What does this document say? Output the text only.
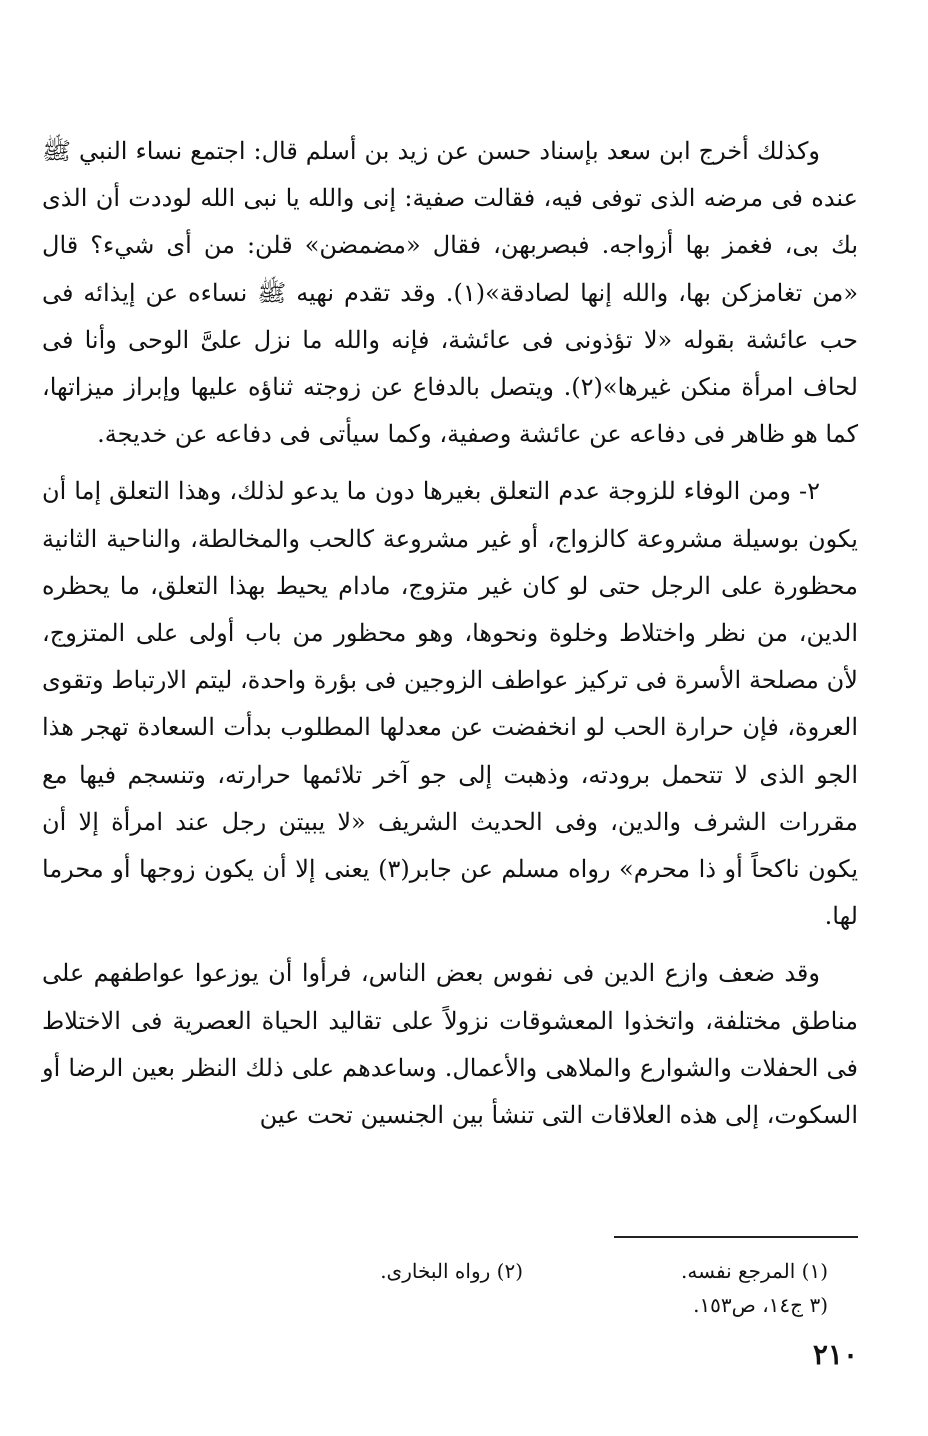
وكذلك أخرج ابن سعد بإسناد حسن عن زيد بن أسلم قال: اجتمع نساء النبي ﷺ عنده فى مرضه الذى توفى فيه، فقالت صفية: إنى والله يا نبى الله لوددت أن الذى بك بى، فغمز بها أزواجه. فبصربهن، فقال «مضمضن» قلن: من أى شيء؟ قال «من تغامزكن بها، والله إنها لصادقة»(١). وقد تقدم نهيه ﷺ نساءه عن إيذائه فى حب عائشة بقوله «لا تؤذونى فى عائشة، فإنه والله ما نزل علىَّ الوحى وأنا فى لحاف امرأة منكن غيرها»(٢). ويتصل بالدفاع عن زوجته ثناؤه عليها وإبراز ميزاتها، كما هو ظاهر فى دفاعه عن عائشة وصفية، وكما سيأتى فى دفاعه عن خديجة.

٢- ومن الوفاء للزوجة عدم التعلق بغيرها دون ما يدعو لذلك، وهذا التعلق إما أن يكون بوسيلة مشروعة كالزواج، أو غير مشروعة كالحب والمخالطة، والناحية الثانية محظورة على الرجل حتى لو كان غير متزوج، مادام يحيط بهذا التعلق، ما يحظره الدين، من نظر واختلاط وخلوة ونحوها، وهو محظور من باب أولى على المتزوج، لأن مصلحة الأسرة فى تركيز عواطف الزوجين فى بؤرة واحدة، ليتم الارتباط وتقوى العروة، فإن حرارة الحب لو انخفضت عن معدلها المطلوب بدأت السعادة تهجر هذا الجو الذى لا تتحمل برودته، وذهبت إلى جو آخر تلائمها حرارته، وتنسجم فيها مع مقررات الشرف والدين، وفى الحديث الشريف «لا يبيتن رجل عند امرأة إلا أن يكون ناكحاً أو ذا محرم» رواه مسلم عن جابر(٣) يعنى إلا أن يكون زوجها أو محرما لها.

وقد ضعف وازع الدين فى نفوس بعض الناس، فرأوا أن يوزعوا عواطفهم على مناطق مختلفة، واتخذوا المعشوقات نزولاً على تقاليد الحياة العصرية فى الاختلاط فى الحفلات والشوارع والملاهى والأعمال. وساعدهم على ذلك النظر بعين الرضا أو السكوت، إلى هذه العلاقات التى تنشأ بين الجنسين تحت عين

(١) المرجع نفسه.
(٢) رواه البخارى.
(٣ ج١٤، ص١٥٣.
٢١٠
